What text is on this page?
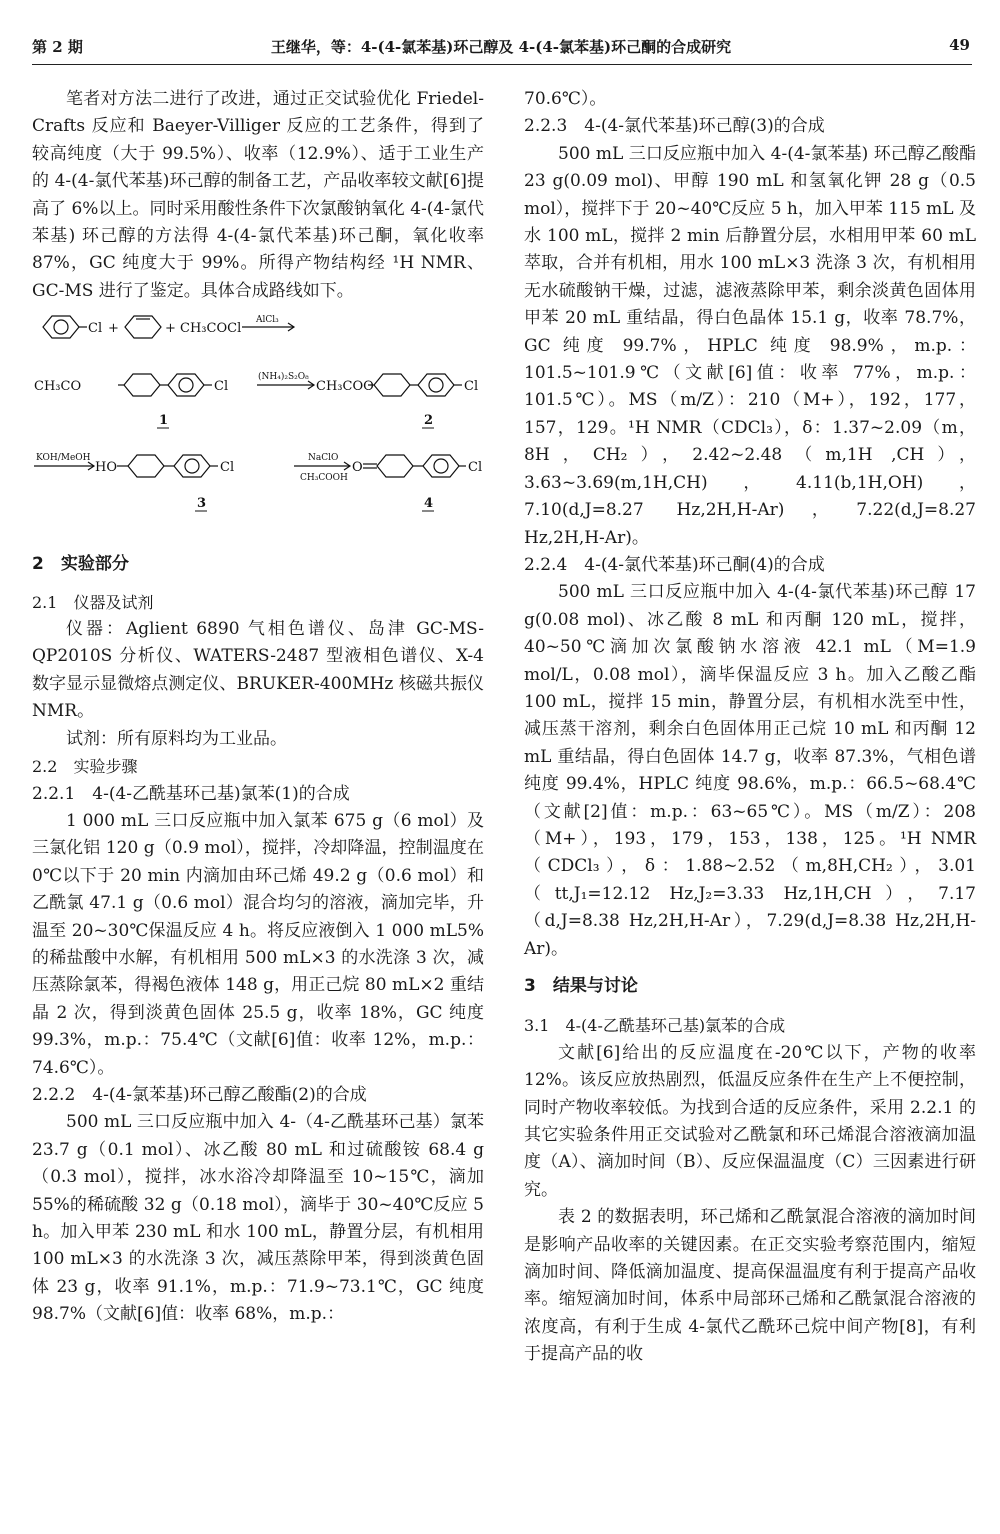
第 2 期	王继华，等：4-(4-氯苯基)环己醇及 4-(4-氯苯基)环己酮的合成研究	49

笔者对方法二进行了改进，通过正交试验优化 Friedel-Crafts 反应和 Baeyer-Villiger 反应的工艺条件，得到了较高纯度（大于 99.5%）、收率（12.9%）、适于工业生产的 4-(4-氯代苯基)环己醇的制备工艺，产品收率较文献[6]提高了 6%以上。同时采用酸性条件下次氯酸钠氧化 4-(4-氯代苯基) 环己醇的方法得 4-(4-氯代苯基)环己酮，氧化收率 87%，GC 纯度大于 99%。所得产物结构经 ¹H NMR、GC-MS 进行了鉴定。具体合成路线如下。

Cl +	+ CH₃COCl
AlCl₃
CH₃CO	Cl
(NH₄)₂S₂O₈
CH₃COO	Cl
1	2
KOH/MeOH
HO	Cl
NaClO
CH₃COOH
O	Cl
3	4

2　实验部分

2.1　仪器及试剂

仪器：Aglient 6890 气相色谱仪、岛津 GC-MS-QP2010S 分析仪、WATERS-2487 型液相色谱仪、X-4 数字显示显微熔点测定仪、BRUKER-400MHz 核磁共振仪 NMR。

试剂：所有原料均为工业品。

2.2　实验步骤

2.2.1　4-(4-乙酰基环己基)氯苯(1)的合成

1 000 mL 三口反应瓶中加入氯苯 675 g（6 mol）及三氯化铝 120 g（0.9 mol），搅拌，冷却降温，控制温度在 0℃以下于 20 min 内滴加由环己烯 49.2 g（0.6 mol）和乙酰氯 47.1 g（0.6 mol）混合均匀的溶液，滴加完毕，升温至 20~30℃保温反应 4 h。将反应液倒入 1 000 mL5%的稀盐酸中水解，有机相用 500 mL×3 的水洗涤 3 次，减压蒸除氯苯，得褐色液体 148 g，用正己烷 80 mL×2 重结晶 2 次，得到淡黄色固体 25.5 g，收率 18%，GC 纯度 99.3%，m.p.：75.4℃（文献[6]值：收率 12%，m.p.：74.6℃）。

2.2.2　4-(4-氯苯基)环己醇乙酸酯(2)的合成

500 mL 三口反应瓶中加入 4-（4-乙酰基环己基）氯苯 23.7 g（0.1 mol）、冰乙酸 80 mL 和过硫酸铵 68.4 g（0.3 mol），搅拌，冰水浴冷却降温至 10~15℃，滴加 55%的稀硫酸 32 g（0.18 mol），滴毕于 30~40℃反应 5 h。加入甲苯 230 mL 和水 100 mL，静置分层，有机相用 100 mL×3 的水洗涤 3 次，减压蒸除甲苯，得到淡黄色固体 23 g，收率 91.1%，m.p.：71.9~73.1℃，GC 纯度 98.7%（文献[6]值：收率 68%，m.p.：

70.6℃）。

2.2.3　4-(4-氯代苯基)环己醇(3)的合成

500 mL 三口反应瓶中加入 4-(4-氯苯基) 环己醇乙酸酯 23 g(0.09 mol)、甲醇 190 mL 和氢氧化钾 28 g（0.5 mol），搅拌下于 20~40℃反应 5 h，加入甲苯 115 mL 及水 100 mL，搅拌 2 min 后静置分层，水相用甲苯 60 mL 萃取，合并有机相，用水 100 mL×3 洗涤 3 次，有机相用无水硫酸钠干燥，过滤，滤液蒸除甲苯，剩余淡黄色固体用甲苯 20 mL 重结晶，得白色晶体 15.1 g，收率 78.7%，GC 纯度 99.7%，HPLC 纯度 98.9%，m.p.：101.5~101.9℃（文献[6]值：收率 77%，m.p.：101.5℃）。MS（m/Z）：210（M+），192，177，157，129。¹H NMR（CDCl₃），δ：1.37~2.09（m，8H，CH₂），2.42~2.48（m,1H ,CH），3.63~3.69(m,1H,CH)，4.11(b,1H,OH)，7.10(d,J=8.27 Hz,2H,H-Ar)，7.22(d,J=8.27 Hz,2H,H-Ar)。

2.2.4　4-(4-氯代苯基)环己酮(4)的合成

500 mL 三口反应瓶中加入 4-(4-氯代苯基)环己醇 17 g(0.08 mol)、冰乙酸 8 mL 和丙酮 120 mL，搅拌，40~50℃滴加次氯酸钠水溶液 42.1 mL（M=1.9 mol/L，0.08 mol），滴毕保温反应 3 h。加入乙酸乙酯 100 mL，搅拌 15 min，静置分层，有机相水洗至中性，减压蒸干溶剂，剩余白色固体用正己烷 10 mL 和丙酮 12 mL 重结晶，得白色固体 14.7 g，收率 87.3%，气相色谱纯度 99.4%，HPLC 纯度 98.6%，m.p.：66.5~68.4℃（文献[2]值：m.p.：63~65℃）。MS（m/Z）：208（M+），193，179，153，138，125。¹H NMR（CDCl₃），δ：1.88~2.52（m,8H,CH₂），3.01（tt,J₁=12.12 Hz,J₂=3.33 Hz,1H,CH），7.17（d,J=8.38 Hz,2H,H-Ar），7.29(d,J=8.38 Hz,2H,H-Ar)。

3　结果与讨论

3.1　4-(4-乙酰基环己基)氯苯的合成

文献[6]给出的反应温度在-20℃以下，产物的收率 12%。该反应放热剧烈，低温反应条件在生产上不便控制，同时产物收率较低。为找到合适的反应条件，采用 2.2.1 的其它实验条件用正交试验对乙酰氯和环己烯混合溶液滴加温度（A）、滴加时间（B）、反应保温温度（C）三因素进行研究。

表 2 的数据表明，环己烯和乙酰氯混合溶液的滴加时间是影响产品收率的关键因素。在正交实验考察范围内，缩短滴加时间、降低滴加温度、提高保温温度有利于提高产品收率。缩短滴加时间，体系中局部环己烯和乙酰氯混合溶液的浓度高，有利于生成 4-氯代乙酰环己烷中间产物[8]，有利于提高产品的收
